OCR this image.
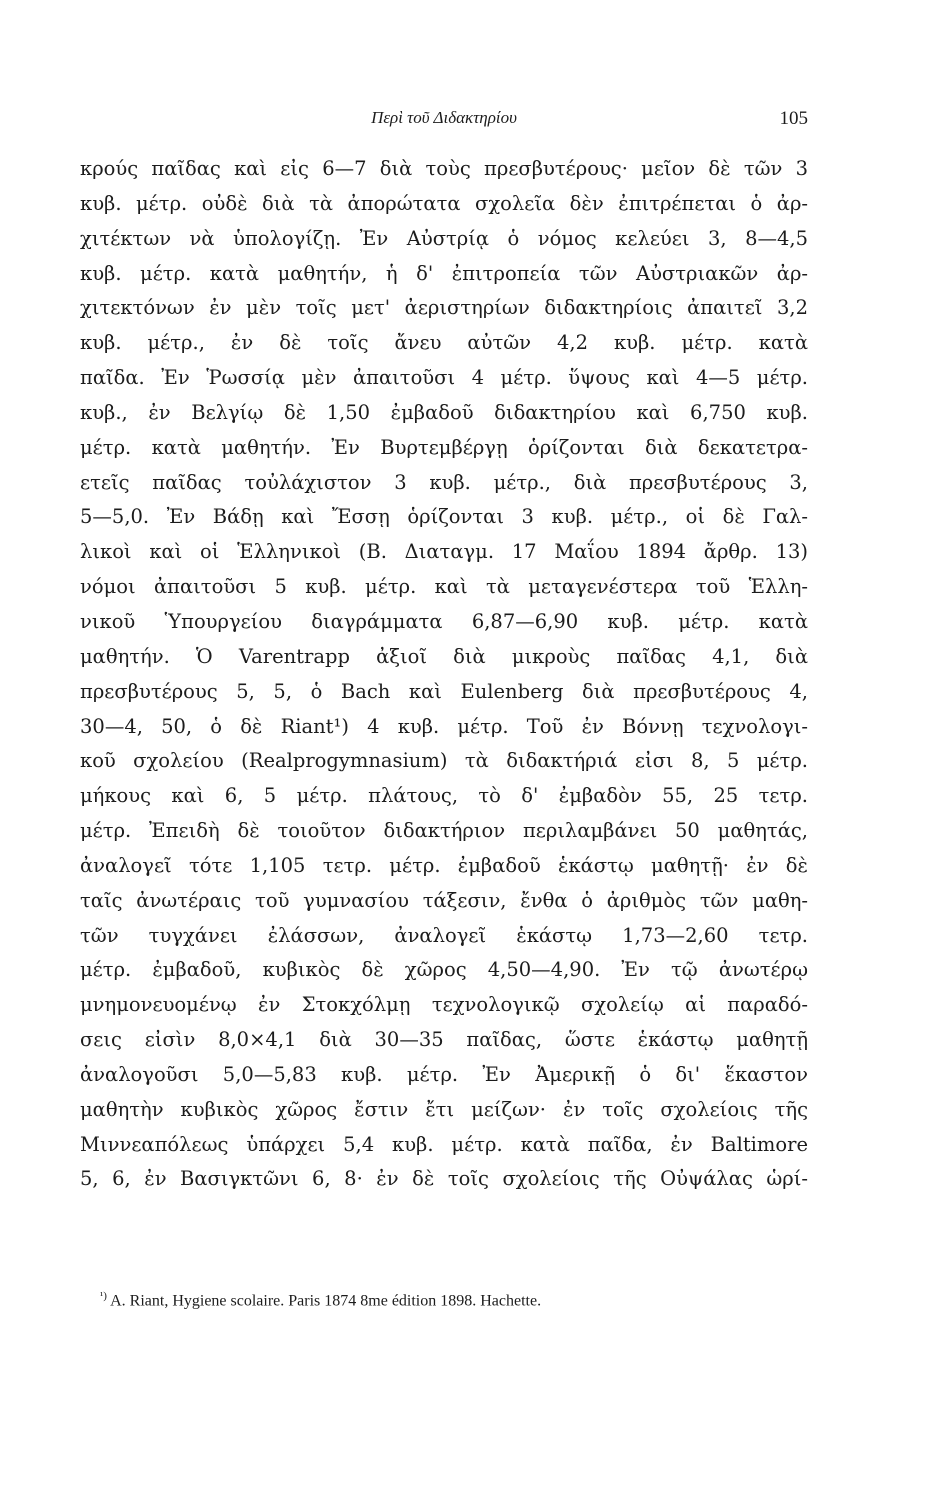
Περὶ τοῦ Διδακτηρίου	105
κρούς παῖδας καὶ εἰς 6—7 διὰ τοὺς πρεσβυτέρους· μεῖον δὲ τῶν 3
κυβ. μέτρ. οὐδὲ διὰ τὰ ἀπορώτατα σχολεῖα δὲν ἐπιτρέπεται ὁ ἀρ-
χιτέκτων νὰ ὑπολογίζῃ. Ἐν Αὐστρίᾳ ὁ νόμος κελεύει 3, 8—4,5
κυβ. μέτρ. κατὰ μαθητήν, ἡ δ' ἐπιτροπεία τῶν Αὐστριακῶν ἀρ-
χιτεκτόνων ἐν μὲν τοῖς μετ' ἀεριστηρίων διδακτηρίοις ἀπαιτεῖ 3,2
κυβ. μέτρ., ἐν δὲ τοῖς ἄνευ αὐτῶν 4,2 κυβ. μέτρ. κατὰ
παῖδα. Ἐν Ῥωσσίᾳ μὲν ἀπαιτοῦσι 4 μέτρ. ὕψους καὶ 4—5 μέτρ.
κυβ., ἐν Βελγίῳ δὲ 1,50 ἐμβαδοῦ διδακτηρίου καὶ 6,750 κυβ.
μέτρ. κατὰ μαθητήν. Ἐν Βυρτεμβέργῃ ὁρίζονται διὰ δεκατετρα-
ετεῖς παῖδας τοὐλάχιστον 3 κυβ. μέτρ., διὰ πρεσβυτέρους 3,
5—5,0. Ἐν Βάδῃ καὶ Ἔσσῃ ὁρίζονται 3 κυβ. μέτρ., οἱ δὲ Γαλ-
λικοὶ καὶ οἱ Ἑλληνικοὶ (Β. Διαταγμ. 17 Μαΐου 1894 ἄρθρ. 13)
νόμοι ἀπαιτοῦσι 5 κυβ. μέτρ. καὶ τὰ μεταγενέστερα τοῦ Ἑλλη-
νικοῦ Ὑπουργείου διαγράμματα 6,87—6,90 κυβ. μέτρ. κατὰ
μαθητήν. Ὁ Varentrapp ἀξιοῖ διὰ μικροὺς παῖδας 4,1, διὰ
πρεσβυτέρους 5, 5, ὁ Bach καὶ Eulenberg διὰ πρεσβυτέρους 4,
30—4, 50, ὁ δὲ Riant¹) 4 κυβ. μέτρ. Τοῦ ἐν Βόννῃ τεχνολογι-
κοῦ σχολείου (Realprogymnasium) τὰ διδακτήριά εἰσι 8, 5 μέτρ.
μήκους καὶ 6, 5 μέτρ. πλάτους, τὸ δ' ἐμβαδὸν 55, 25 τετρ.
μέτρ. Ἐπειδὴ δὲ τοιοῦτον διδακτήριον περιλαμβάνει 50 μαθητάς,
ἀναλογεῖ τότε 1,105 τετρ. μέτρ. ἐμβαδοῦ ἑκάστῳ μαθητῇ· ἐν δὲ
ταῖς ἀνωτέραις τοῦ γυμνασίου τάξεσιν, ἔνθα ὁ ἀριθμὸς τῶν μαθη-
τῶν τυγχάνει ἐλάσσων, ἀναλογεῖ ἑκάστῳ 1,73—2,60 τετρ.
μέτρ. ἐμβαδοῦ, κυβικὸς δὲ χῶρος 4,50—4,90. Ἐν τῷ ἀνωτέρῳ
μνημονευομένῳ ἐν Στοκχόλμῃ τεχνολογικῷ σχολείῳ αἱ παραδό-
σεις εἰσὶν 8,0×4,1 διὰ 30—35 παῖδας, ὥστε ἑκάστῳ μαθητῇ
ἀναλογοῦσι 5,0—5,83 κυβ. μέτρ. Ἐν Ἀμερικῇ ὁ δι' ἕκαστον
μαθητὴν κυβικὸς χῶρος ἔστιν ἔτι μείζων· ἐν τοῖς σχολείοις τῆς
Μιννεαπόλεως ὑπάρχει 5,4 κυβ. μέτρ. κατὰ παῖδα, ἐν Baltimore
5, 6, ἐν Βασιγκτῶνι 6, 8· ἐν δὲ τοῖς σχολείοις τῆς Οὐψάλας ὡρί-
$^{^1)}$ A. Riant, Hygiene scolaire. Paris 1874 8me édition 1898. Hachette.
